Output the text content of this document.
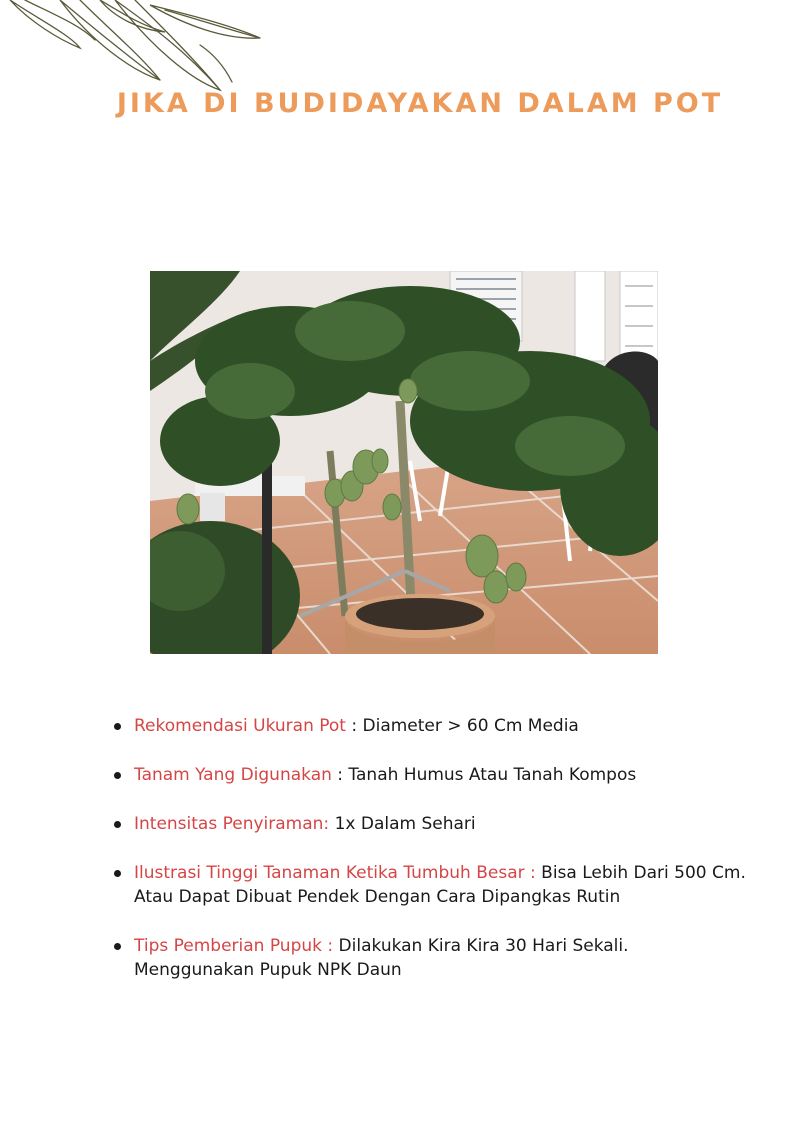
JIKA DI BUDIDAYAKAN DALAM POT
Rekomendasi Ukuran Pot : Diameter > 60 Cm Media
Tanam Yang Digunakan : Tanah Humus Atau Tanah Kompos
Intensitas Penyiraman: 1x Dalam Sehari
Ilustrasi Tinggi Tanaman Ketika Tumbuh Besar : Bisa Lebih Dari 500 Cm. Atau Dapat Dibuat Pendek Dengan Cara Dipangkas Rutin
Tips Pemberian Pupuk : Dilakukan Kira Kira 30 Hari Sekali. Menggunakan Pupuk NPK Daun
